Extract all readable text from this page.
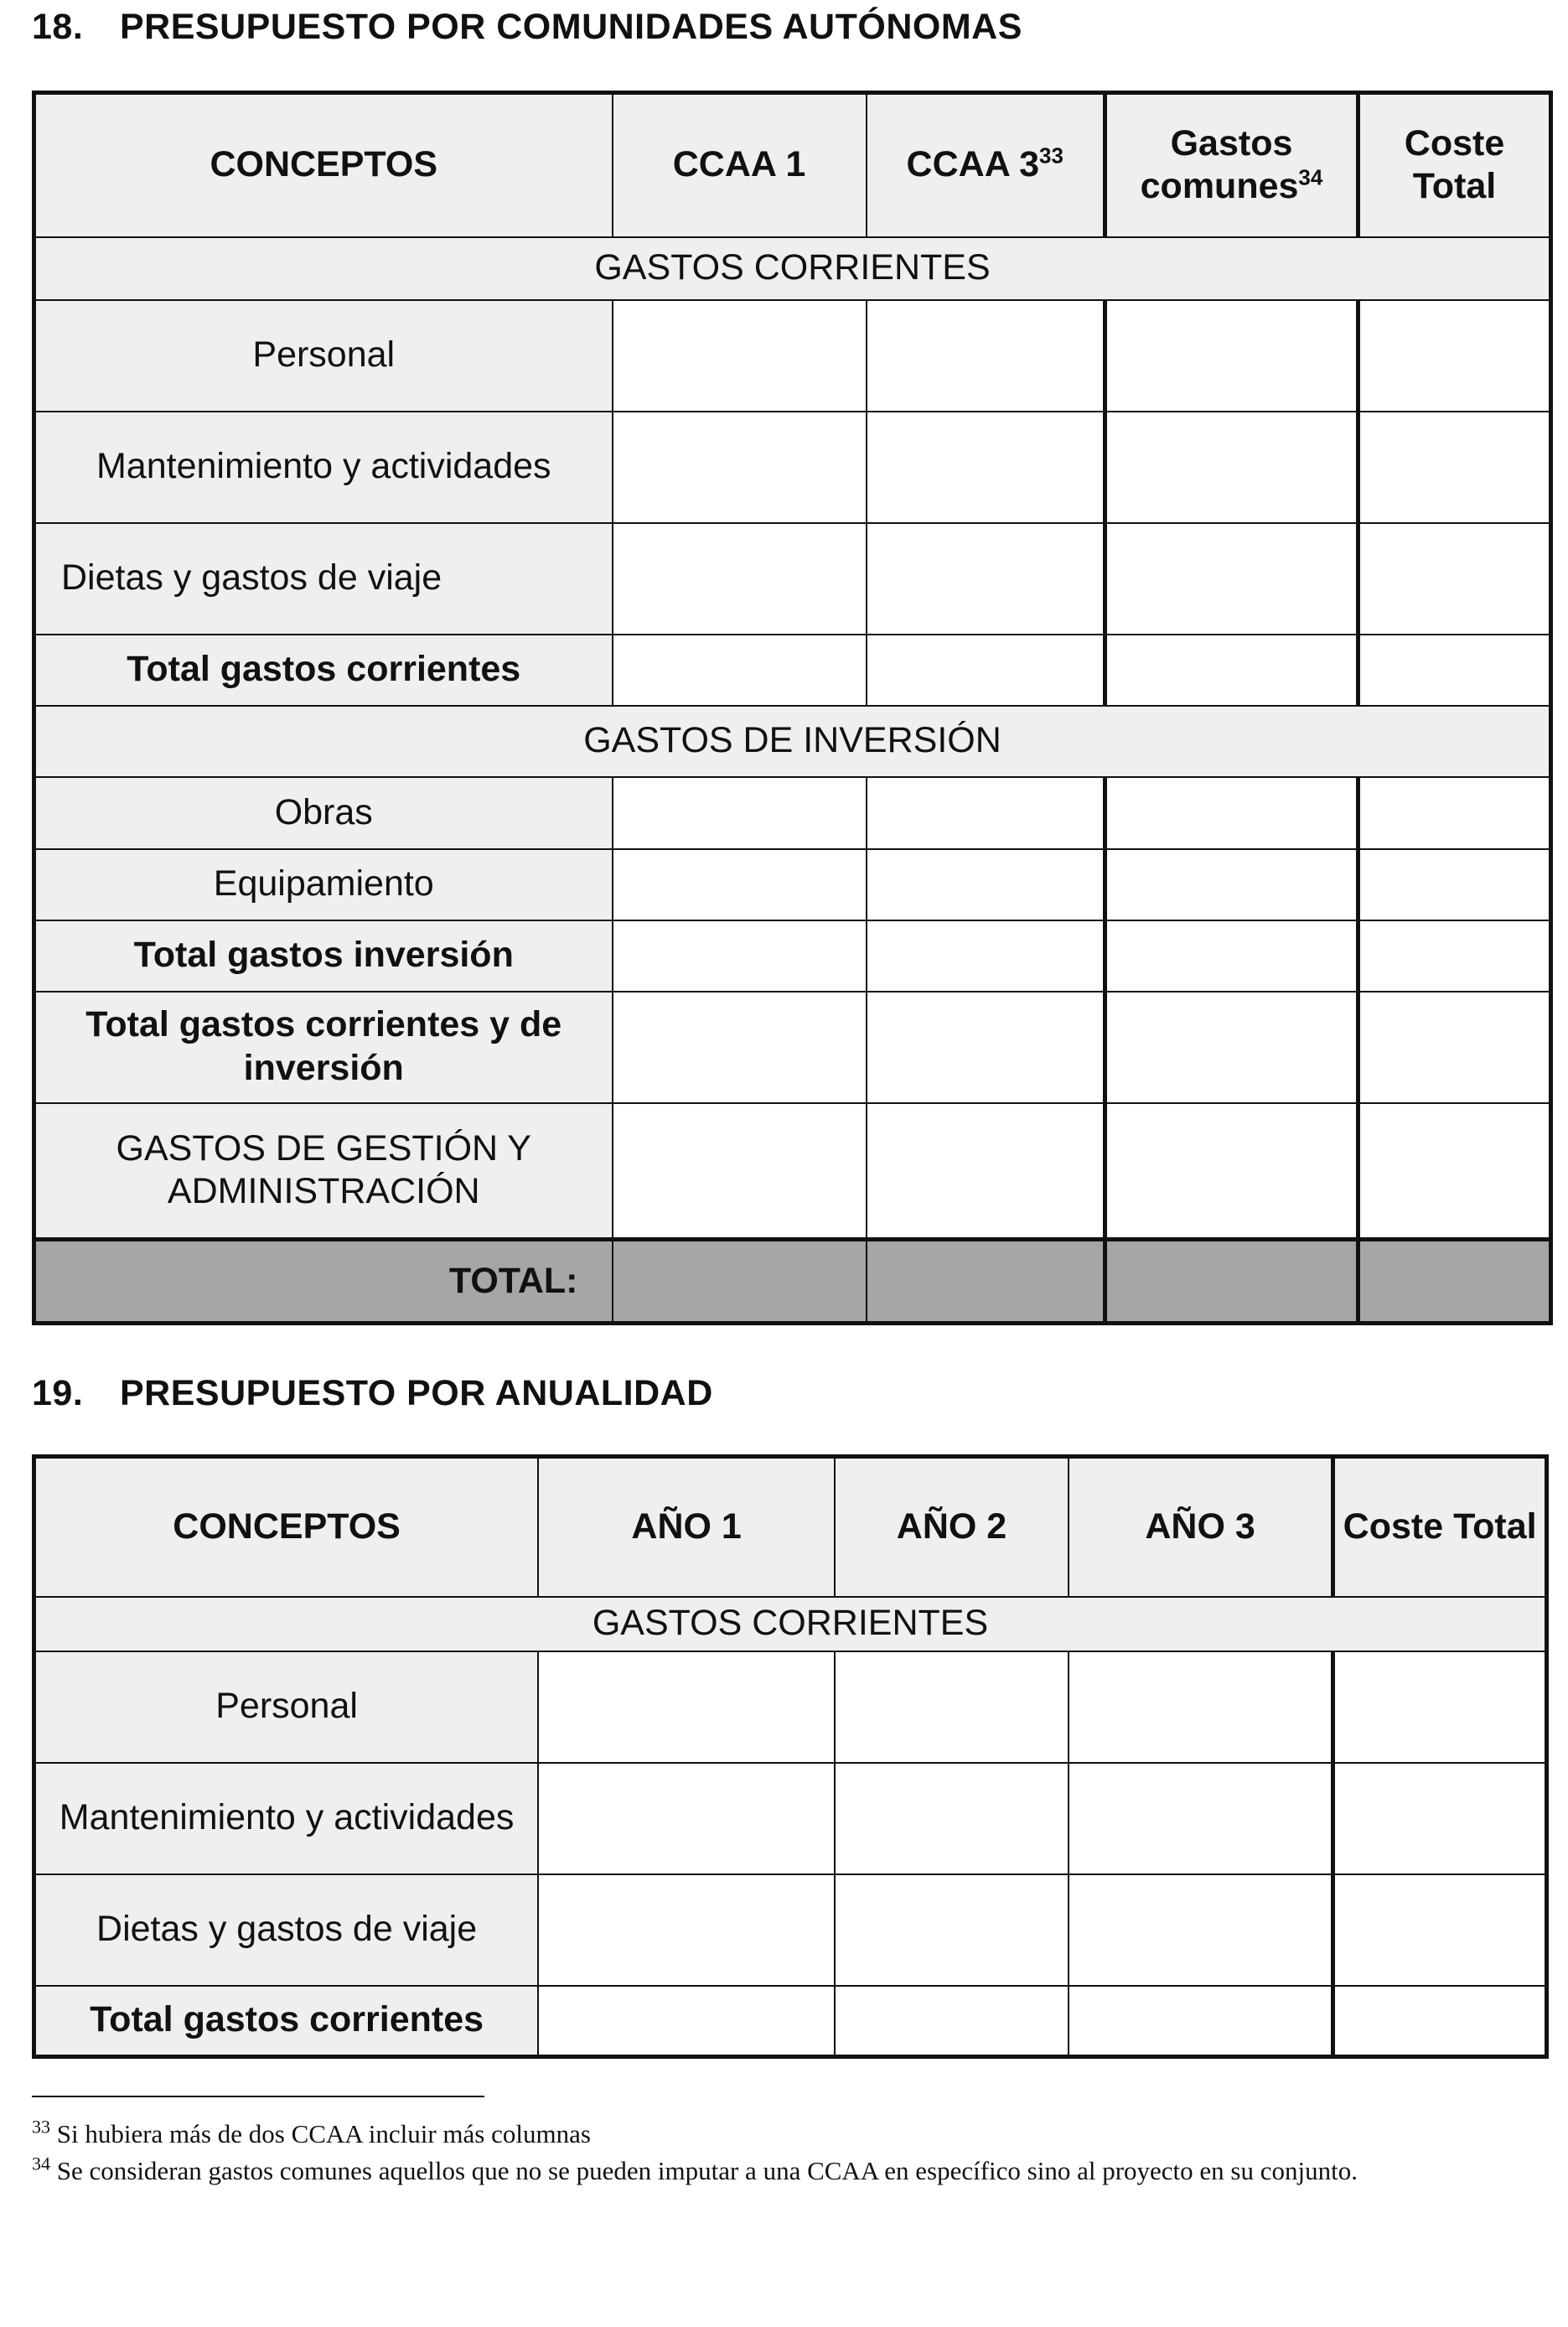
18. PRESUPUESTO POR COMUNIDADES AUTÓNOMAS
CONCEPTOS	CCAA 1	CCAA $3^{33}$	Gastos comunes$^{34}$	Coste Total
GASTOS CORRIENTES				
Personal				
Mantenimiento y actividades				
Dietas y gastos de viaje				
Total gastos corrientes				
GASTOS DE INVERSIÓN				
Obras				
Equipamiento				
Total gastos inversión				
Total gastos corrientes y de inversión				
GASTOS DE GESTIÓN Y ADMINISTRACIÓN				
TOTAL:				
19. PRESUPUESTO POR ANUALIDAD
CONCEPTOS	AÑO 1	AÑO 2	AÑO 3	Coste Total
GASTOS CORRIENTES				
Personal				
Mantenimiento y actividades				
Dietas y gastos de viaje				
Total gastos corrientes				
$^{33}$ Si hubiera más de dos CCAA incluir más columnas
$^{34}$ Se consideran gastos comunes aquellos que no se pueden imputar a una CCAA en específico sino al proyecto en su conjunto.
